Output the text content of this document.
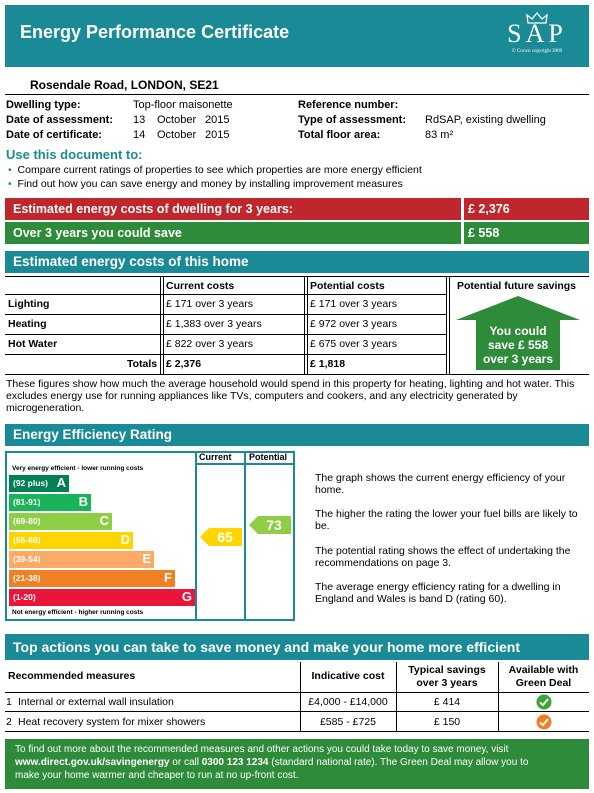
Energy Performance Certificate	SAP
© Crown copyright 2009
Rosendale Road, LONDON, SE21
Dwelling type:	Top-floor maisonette
Date of assessment: 13 October 2015
Date of certificate:	14 October 2015
Reference number:
Type of assessment: RdSAP, existing dwelling
Total floor area:	83 m²
Use this document to:
• Compare current ratings of properties to see which properties are more energy efficient
• Find out how you can save energy and money by installing improvement measures
Estimated energy costs of dwelling for 3 years:	£ 2,376
Over 3 years you could save	£ 558
Estimated energy costs of this home
Current costs	Potential costs	Potential future savings
Lighting	£ 171 over 3 years	£ 171 over 3 years
Heating	£ 1,383 over 3 years	£ 972 over 3 years
Hot Water	£ 822 over 3 years	£ 675 over 3 years
Totals £ 2,376	£ 1,818
You could
save £ 558
over 3 years
These figures show how much the average household would spend in this property for heating, lighting and hot water. This excludes energy use for running appliances like TVs, computers and cookers, and any electricity generated by microgeneration.
Energy Efficiency Rating
Current Potential
Very energy efficient - lower running costs
Not energy efficient - higher running costs
(92 plus) A
(81-91)	B
(69-80)	C
(55-68)	D
(39-54)	E
(21-38)	F
(1-20)	G
65
73
The graph shows the current energy efficiency of your home.
The higher the rating the lower your fuel bills are likely to be.
The potential rating shows the effect of undertaking the recommendations on page 3.
The average energy efficiency rating for a dwelling in England and Wales is band D (rating 60).
Top actions you can take to save money and make your home more efficient
Recommended measures	Indicative cost	Typical savings
over 3 years
Available with
Green Deal
1 Internal or external wall insulation	£4,000 - £14,000	£ 414
2 Heat recovery system for mixer showers	£585 - £725	£ 150
To find out more about the recommended measures and other actions you could take today to save money, visit
www.direct.gov.uk/savingenergy or call 0300 123 1234 (standard national rate). The Green Deal may allow you to
make your home warmer and cheaper to run at no up-front cost.
